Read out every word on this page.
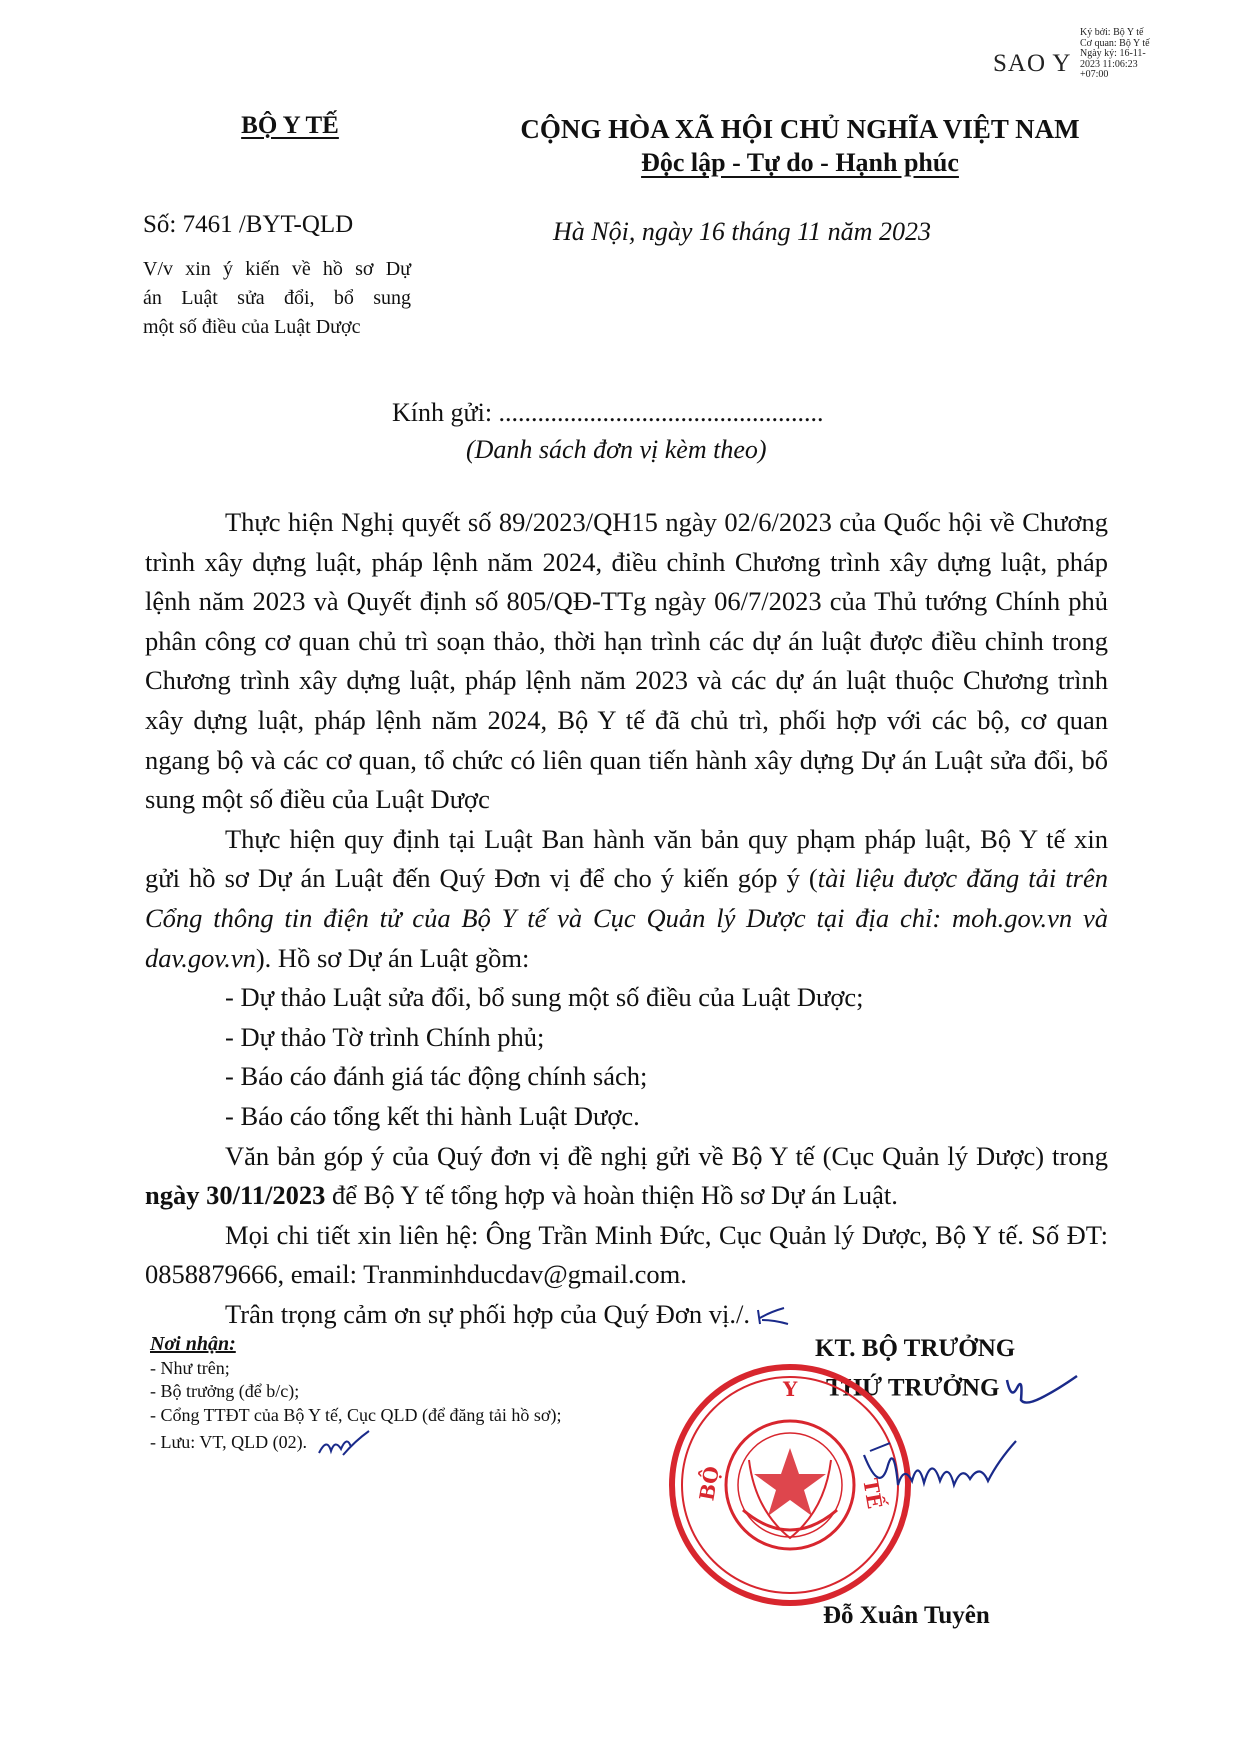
SAO Y
Ký bởi: Bộ Y tế
Cơ quan: Bộ Y tế
Ngày ký: 16-11-
2023 11:06:23
+07:00
BỘ Y TẾ	CỘNG HÒA XÃ HỘI CHỦ NGHĨA VIỆT NAM
Độc lập - Tự do - Hạnh phúc
Số: 7461 /BYT-QLD	Hà Nội, ngày 16 tháng 11 năm 2023
V/v xin ý kiến về hồ sơ Dự
án Luật sửa đổi, bổ sung
một số điều của Luật Dược
Kính gửi: ..................................................
(Danh sách đơn vị kèm theo)

Thực hiện Nghị quyết số 89/2023/QH15 ngày 02/6/2023 của Quốc hội về Chương trình xây dựng luật, pháp lệnh năm 2024, điều chỉnh Chương trình xây dựng luật, pháp lệnh năm 2023 và Quyết định số 805/QĐ-TTg ngày 06/7/2023 của Thủ tướng Chính phủ phân công cơ quan chủ trì soạn thảo, thời hạn trình các dự án luật được điều chỉnh trong Chương trình xây dựng luật, pháp lệnh năm 2023 và các dự án luật thuộc Chương trình xây dựng luật, pháp lệnh năm 2024, Bộ Y tế đã chủ trì, phối hợp với các bộ, cơ quan ngang bộ và các cơ quan, tổ chức có liên quan tiến hành xây dựng Dự án Luật sửa đổi, bổ sung một số điều của Luật Dược

Thực hiện quy định tại Luật Ban hành văn bản quy phạm pháp luật, Bộ Y tế xin gửi hồ sơ Dự án Luật đến Quý Đơn vị để cho ý kiến góp ý (tài liệu được đăng tải trên Cổng thông tin điện tử của Bộ Y tế và Cục Quản lý Dược tại địa chỉ: moh.gov.vn và dav.gov.vn). Hồ sơ Dự án Luật gồm:

- Dự thảo Luật sửa đổi, bổ sung một số điều của Luật Dược;

- Dự thảo Tờ trình Chính phủ;

- Báo cáo đánh giá tác động chính sách;

- Báo cáo tổng kết thi hành Luật Dược.

Văn bản góp ý của Quý đơn vị đề nghị gửi về Bộ Y tế (Cục Quản lý Dược) trong ngày 30/11/2023 để Bộ Y tế tổng hợp và hoàn thiện Hồ sơ Dự án Luật.

Mọi chi tiết xin liên hệ: Ông Trần Minh Đức, Cục Quản lý Dược, Bộ Y tế. Số ĐT: 0858879666, email: Tranminhducdav@gmail.com.

Trân trọng cảm ơn sự phối hợp của Quý Đơn vị./.

Nơi nhận:
- Như trên;
- Bộ trưởng (để b/c);
- Cổng TTĐT của Bộ Y tế, Cục QLD (để đăng tải hồ sơ);
- Lưu: VT, QLD (02).
KT. BỘ TRƯỞNG
THỨ TRƯỞNG
Y
BỘ	TẾ
Đỗ Xuân Tuyên
